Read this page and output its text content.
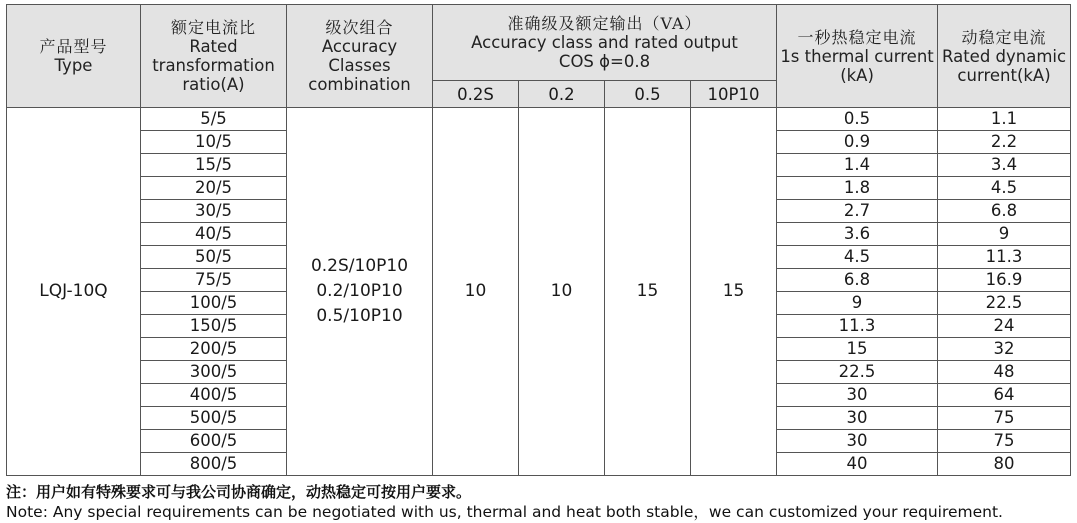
产品型号
Type	额定电流比
Rated
transformation
ratio(A)	级次组合
Accuracy
Classes
combination	准确级及额定输出（VA）
Accuracy class and rated output
COS ϕ=0.8				一秒热稳定电流
1s thermal current
(kA)	动稳定电流
Rated dynamic
current(kA)

			0.2S	0.2	0.5	10P10		
LQJ-10Q	5/5	0.2S/10P10
0.2/10P10
0.5/10P10	10	10	15	15	0.5	1.1
	10/5						0.9	2.2
	15/5						1.4	3.4
	20/5						1.8	4.5
	30/5						2.7	6.8
	40/5						3.6	9
	50/5						4.5	11.3
	75/5						6.8	16.9
	100/5						9	22.5
	150/5						11.3	24
	200/5						15	32
	300/5						22.5	48
	400/5						30	64
	500/5						30	75
	600/5						30	75
	800/5						40	80
注：用户如有特殊要求可与我公司协商确定，动热稳定可按用户要求。
Note: Any special requirements can be negotiated with us, thermal and heat both stable，we can customized your requirement.
